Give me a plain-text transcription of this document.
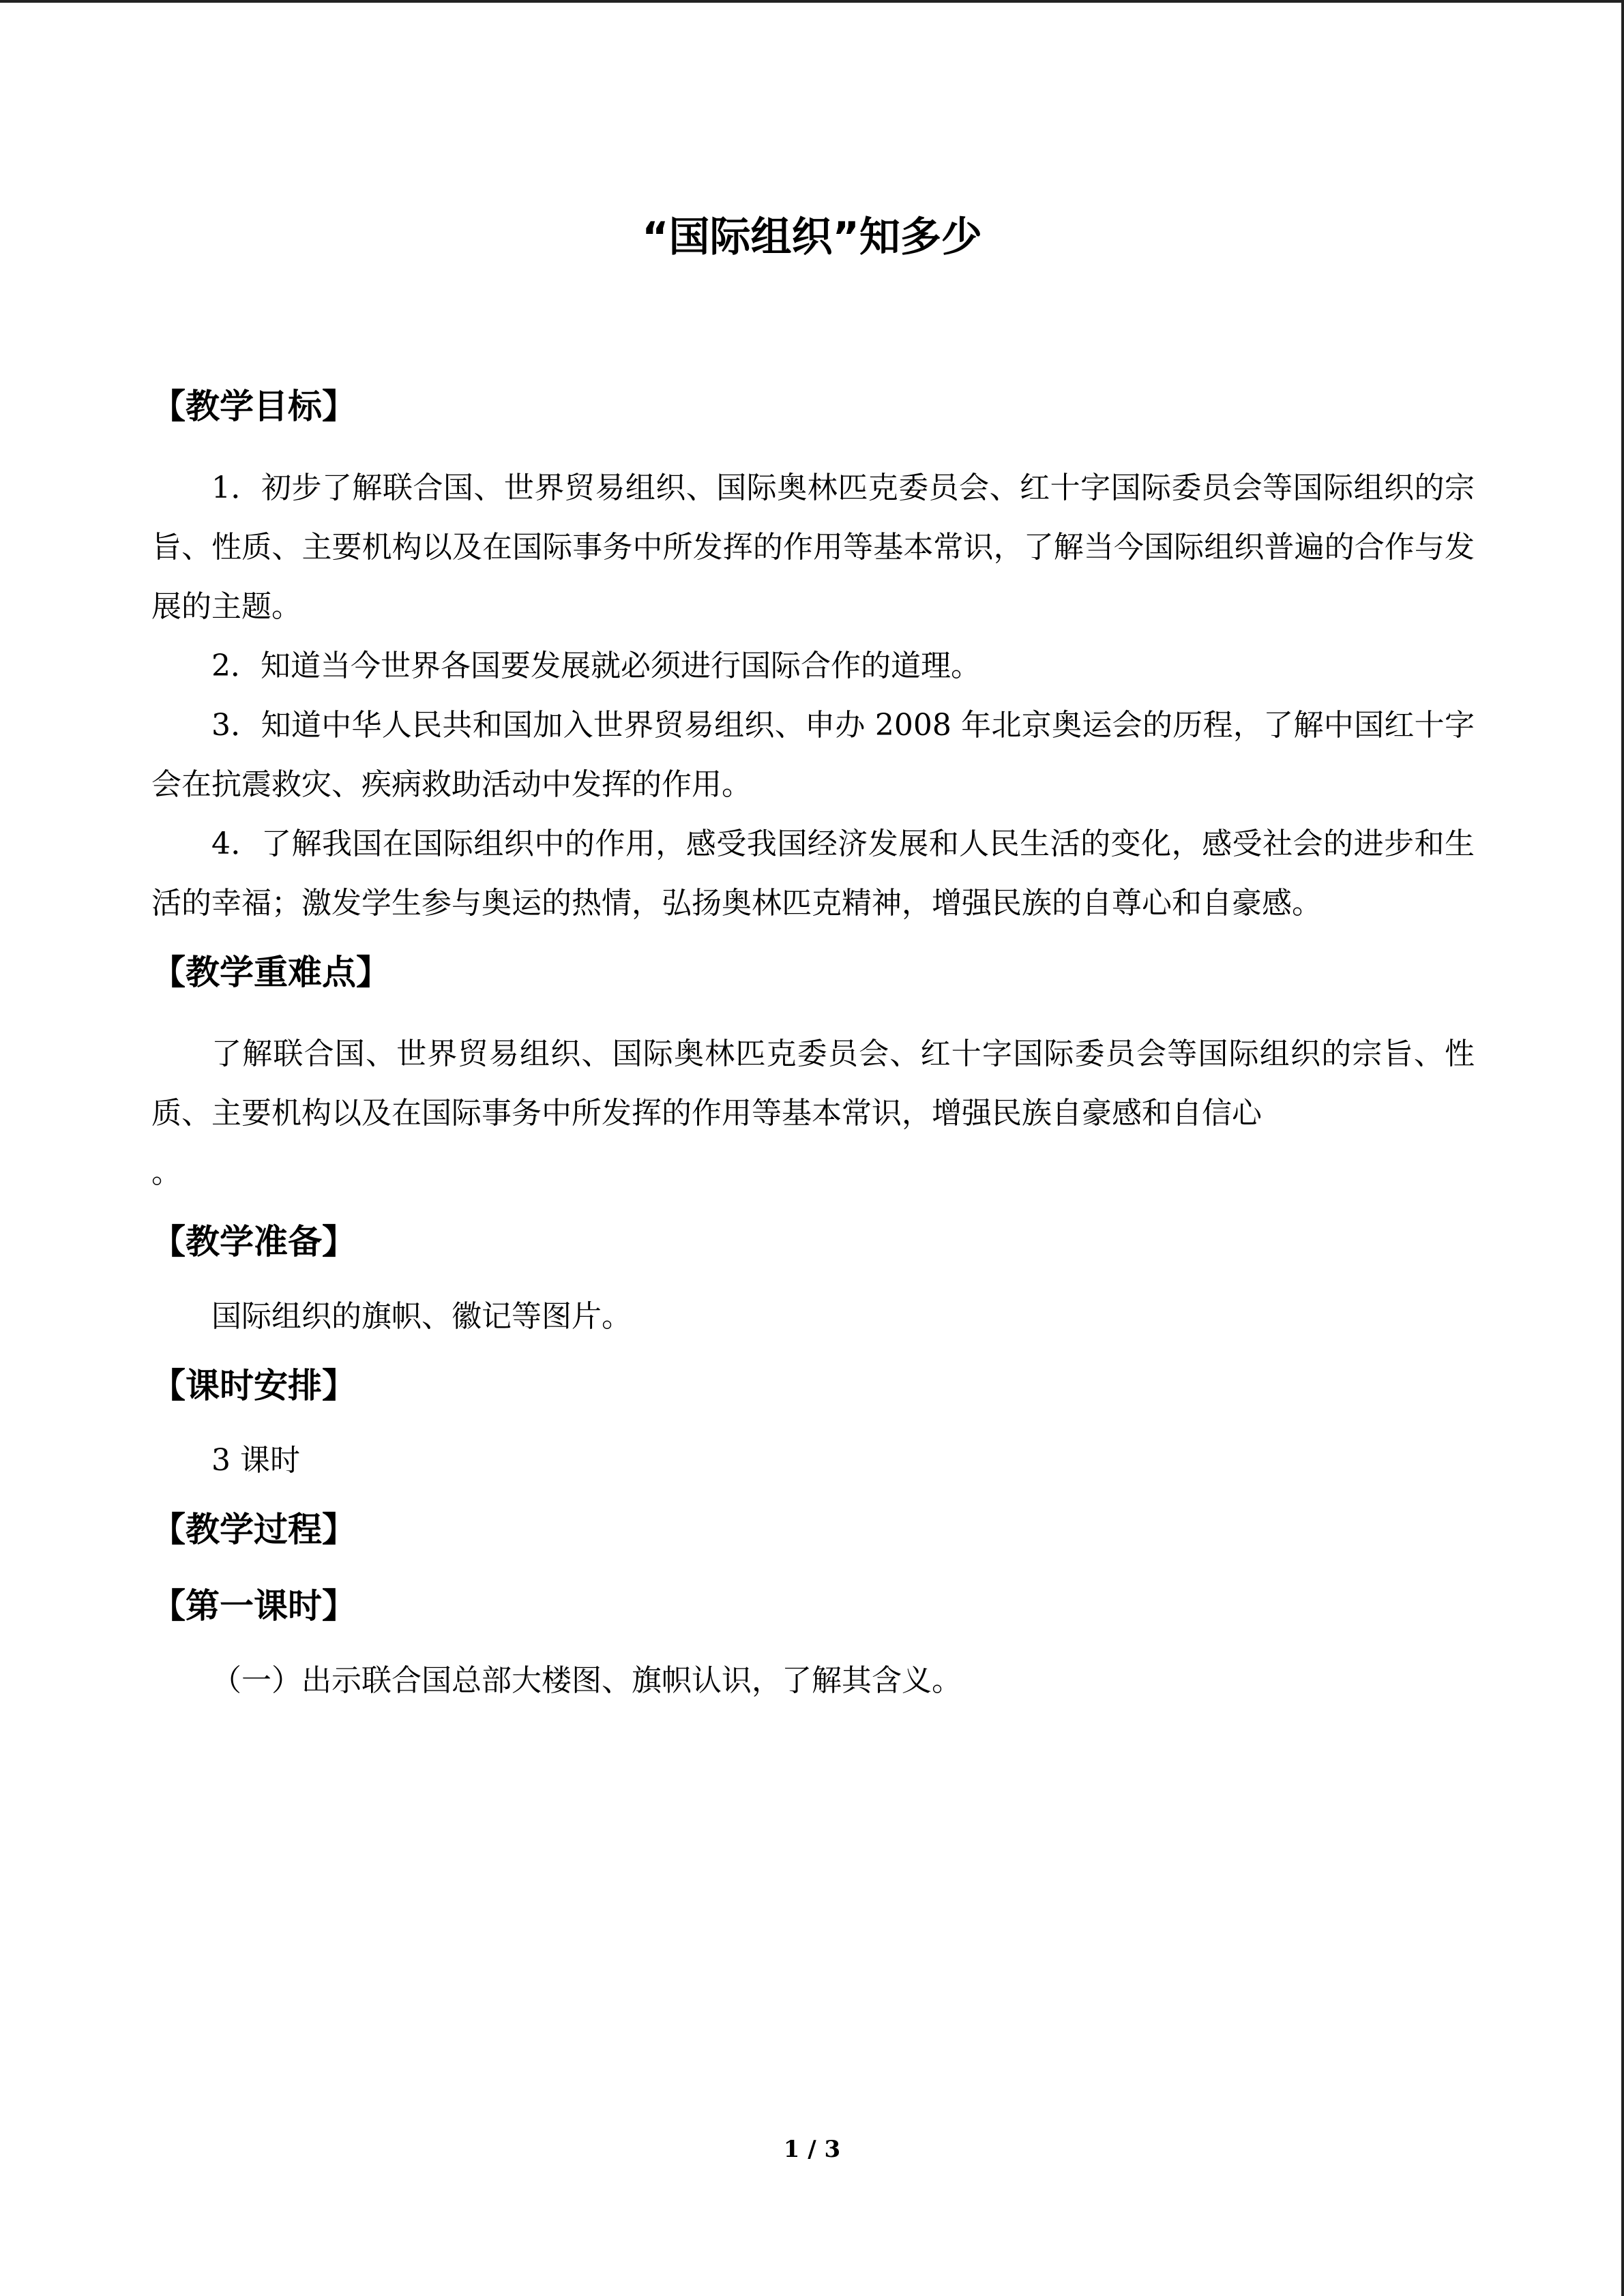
“国际组织”知多少
【教学目标】

1．初步了解联合国、世界贸易组织、国际奥林匹克委员会、红十字国际委员会等国际组织的宗旨、性质、主要机构以及在国际事务中所发挥的作用等基本常识，了解当今国际组织普遍的合作与发展的主题。

2．知道当今世界各国要发展就必须进行国际合作的道理。

3．知道中华人民共和国加入世界贸易组织、申办 2008 年北京奥运会的历程，了解中国红十字会在抗震救灾、疾病救助活动中发挥的作用。

4．了解我国在国际组织中的作用，感受我国经济发展和人民生活的变化，感受社会的进步和生活的幸福；激发学生参与奥运的热情，弘扬奥林匹克精神，增强民族的自尊心和自豪感。

【教学重难点】

了解联合国、世界贸易组织、国际奥林匹克委员会、红十字国际委员会等国际组织的宗旨、性质、主要机构以及在国际事务中所发挥的作用等基本常识，增强民族自豪感和自信心

。

【教学准备】

国际组织的旗帜、徽记等图片。

【课时安排】

3 课时

【教学过程】
【第一课时】

（一）出示联合国总部大楼图、旗帜认识，了解其含义。

1 / 3
